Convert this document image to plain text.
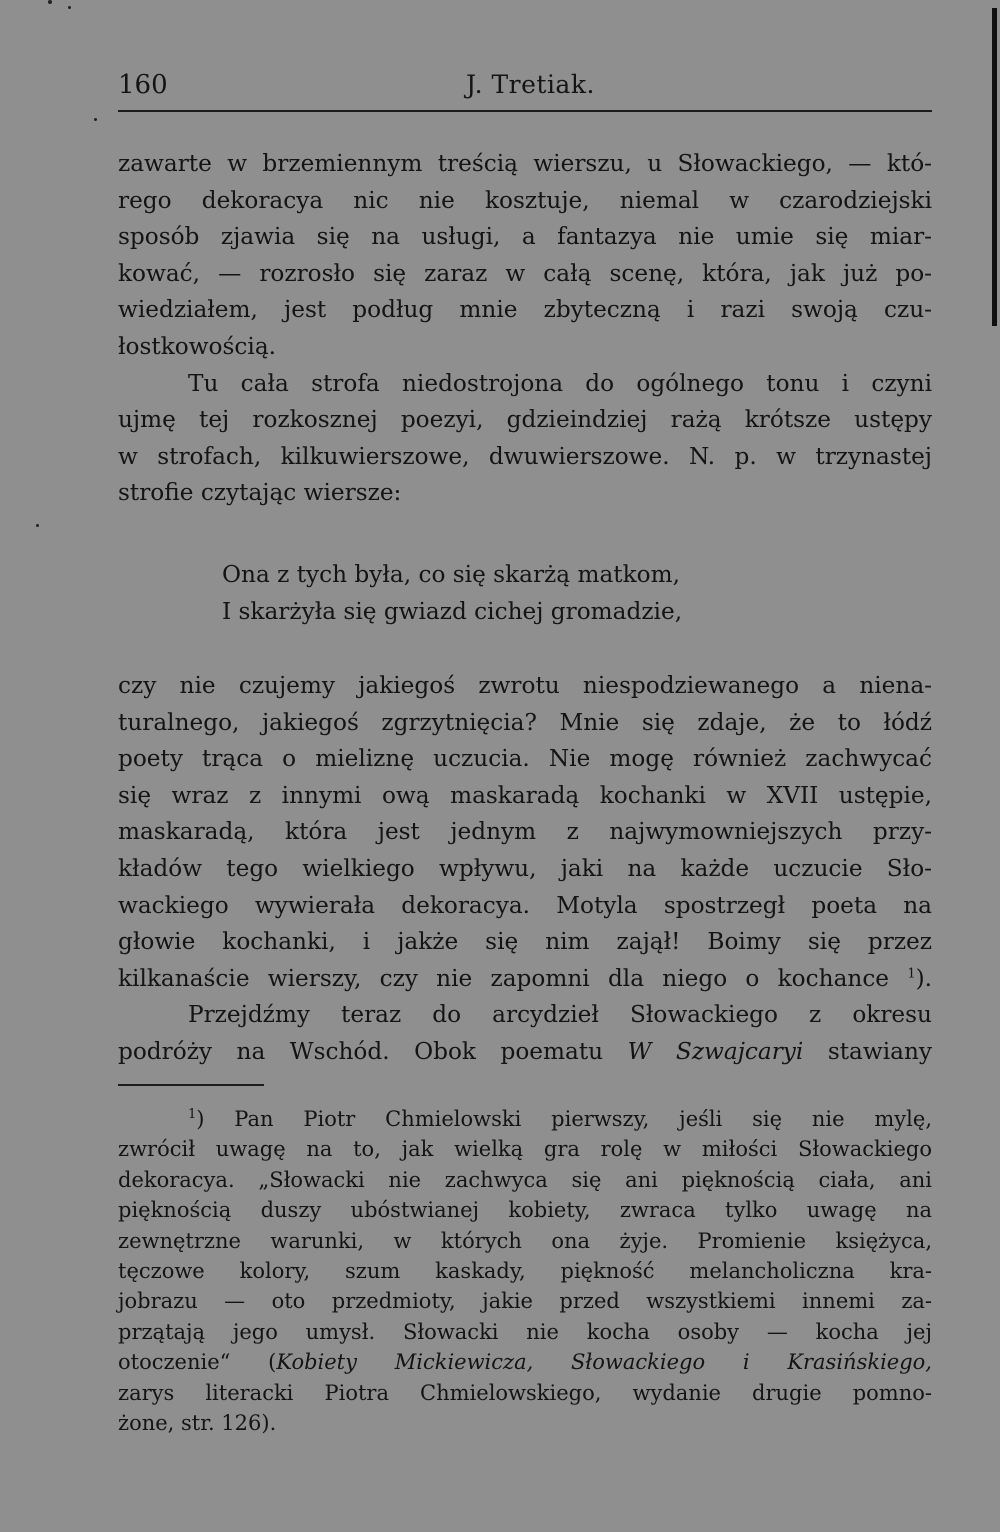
160	J. Tretiak.
zawarte w brzemiennym treścią wierszu, u Słowackiego, — któ-
rego dekoracya nic nie kosztuje, niemal w czarodziejski
sposób zjawia się na usługi, a fantazya nie umie się miar-
kować, — rozrosło się zaraz w całą scenę, która, jak już po-
wiedziałem, jest podług mnie zbyteczną i razi swoją czu-
łostkowością.
Tu cała strofa niedostrojona do ogólnego tonu i czyni
ujmę tej rozkosznej poezyi, gdzieindziej rażą krótsze ustępy
w strofach, kilkuwierszowe, dwuwierszowe. N. p. w trzynastej
strofie czytając wiersze:
Ona z tych była, co się skarżą matkom,
I skarżyła się gwiazd cichej gromadzie,
czy nie czujemy jakiegoś zwrotu niespodziewanego a niena-
turalnego, jakiegoś zgrzytnięcia? Mnie się zdaje, że to łódź
poety trąca o mieliznę uczucia. Nie mogę również zachwycać
się wraz z innymi ową maskaradą kochanki w XVII ustępie,
maskaradą, która jest jednym z najwymowniejszych przy-
kładów tego wielkiego wpływu, jaki na każde uczucie Sło-
wackiego wywierała dekoracya. Motyla spostrzegł poeta na
głowie kochanki, i jakże się nim zajął! Boimy się przez
kilkanaście wierszy, czy nie zapomni dla niego o kochance $^1$).
Przejdźmy teraz do arcydzieł Słowackiego z okresu
podróży na Wschód. Obok poematu W Szwajcaryi stawiany
$^1$) Pan Piotr Chmielowski pierwszy, jeśli się nie mylę,
zwrócił uwagę na to, jak wielką gra rolę w miłości Słowackiego
dekoracya. „Słowacki nie zachwyca się ani pięknością ciała, ani
pięknością duszy ubóstwianej kobiety, zwraca tylko uwagę na
zewnętrzne warunki, w których ona żyje. Promienie księżyca,
tęczowe kolory, szum kaskady, piękność melancholiczna kra-
jobrazu — oto przedmioty, jakie przed wszystkiemi innemi za-
przątają jego umysł. Słowacki nie kocha osoby — kocha jej
otoczenie“ (Kobiety Mickiewicza, Słowackiego i Krasińskiego,
zarys literacki Piotra Chmielowskiego, wydanie drugie pomno-
żone, str. 126).
